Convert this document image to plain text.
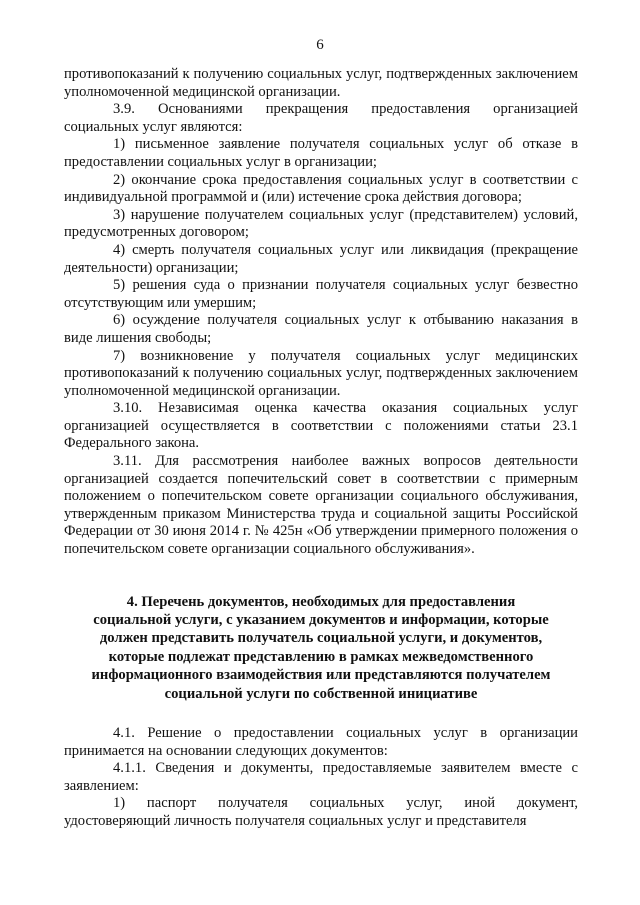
6

противопоказаний к получению социальных услуг, подтвержденных заключением уполномоченной медицинской организации.

3.9. Основаниями прекращения предоставления организацией социальных услуг являются:

1) письменное заявление получателя социальных услуг об отказе в предоставлении социальных услуг в организации;

2) окончание срока предоставления социальных услуг в соответствии с индивидуальной программой и (или) истечение срока действия договора;

3) нарушение получателем социальных услуг (представителем) условий, предусмотренных договором;

4) смерть получателя социальных услуг или ликвидация (прекращение деятельности) организации;

5) решения суда о признании получателя социальных услуг безвестно отсутствующим или умершим;

6) осуждение получателя социальных услуг к отбыванию наказания в виде лишения свободы;

7) возникновение у получателя социальных услуг медицинских противопоказаний к получению социальных услуг, подтвержденных заключением уполномоченной медицинской организации.

3.10. Независимая оценка качества оказания социальных услуг организацией осуществляется в соответствии с положениями статьи 23.1 Федерального закона.

3.11. Для рассмотрения наиболее важных вопросов деятельности организацией создается попечительский совет в соответствии с примерным положением о попечительском совете организации социального обслуживания, утвержденным приказом Министерства труда и социальной защиты Российской Федерации от 30 июня 2014 г. № 425н «Об утверждении примерного положения о попечительском совете организации социального обслуживания».

4. Перечень документов, необходимых для предоставления
социальной услуги, с указанием документов и информации, которые
должен представить получатель социальной услуги, и документов,
которые подлежат представлению в рамках межведомственного
информационного взаимодействия или представляются получателем
социальной услуги по собственной инициативе

4.1. Решение о предоставлении социальных услуг в организации принимается на основании следующих документов:

4.1.1. Сведения и документы, предоставляемые заявителем вместе с заявлением:

1) паспорт получателя социальных услуг, иной документ, удостоверяющий личность получателя социальных услуг и представителя
